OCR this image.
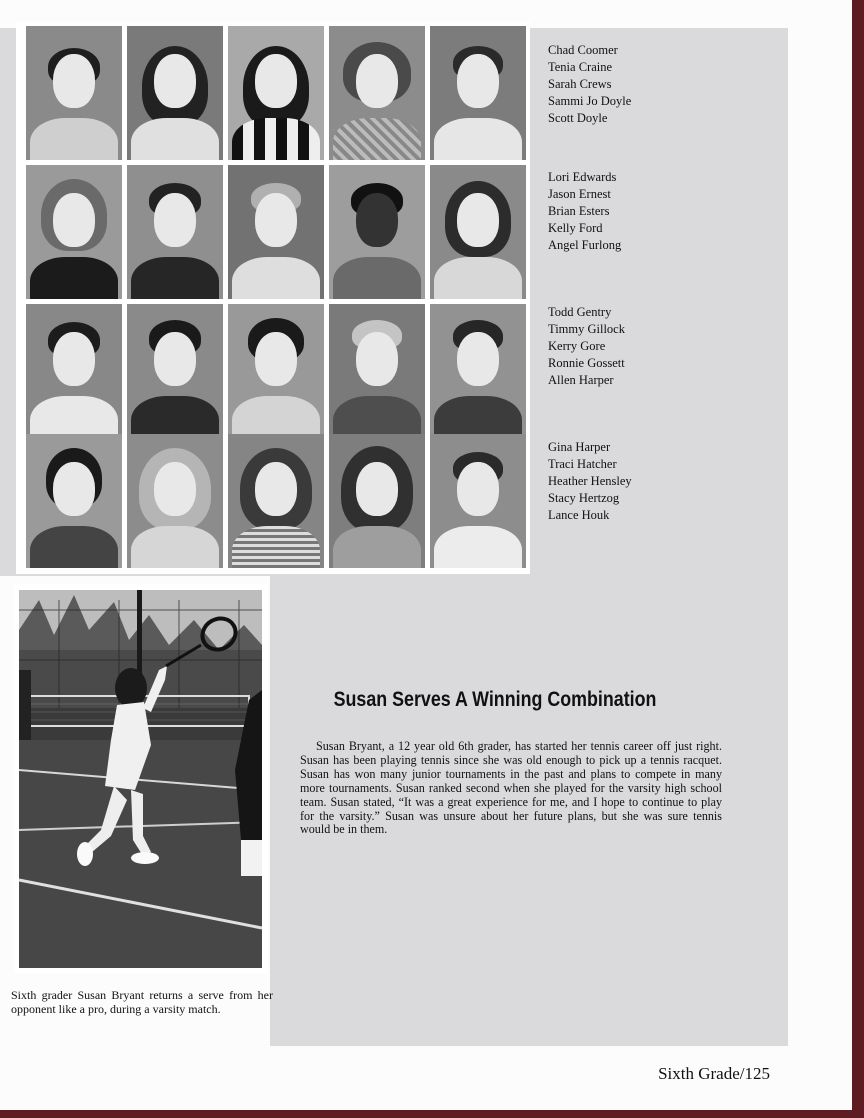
Chad Coomer
Tenia Craine
Sarah Crews
Sammi Jo Doyle
Scott Doyle
Lori Edwards
Jason Ernest
Brian Esters
Kelly Ford
Angel Furlong
Todd Gentry
Timmy Gillock
Kerry Gore
Ronnie Gossett
Allen Harper
Gina Harper
Traci Hatcher
Heather Hensley
Stacy Hertzog
Lance Houk
Sixth grader Susan Bryant returns a serve from her opponent like a pro, during a varsity match.
Susan Serves A Winning Combination
Susan Bryant, a 12 year old 6th grader, has started her tennis career off just right. Susan has been playing tennis since she was old enough to pick up a tennis racquet. Susan has won many junior tournaments in the past and plans to compete in many more tournaments. Susan ranked second when she played for the varsity high school team. Susan stated, “It was a great experience for me, and I hope to continue to play for the varsity.” Susan was unsure about her future plans, but she was sure tennis would be in them.
Sixth Grade/125
